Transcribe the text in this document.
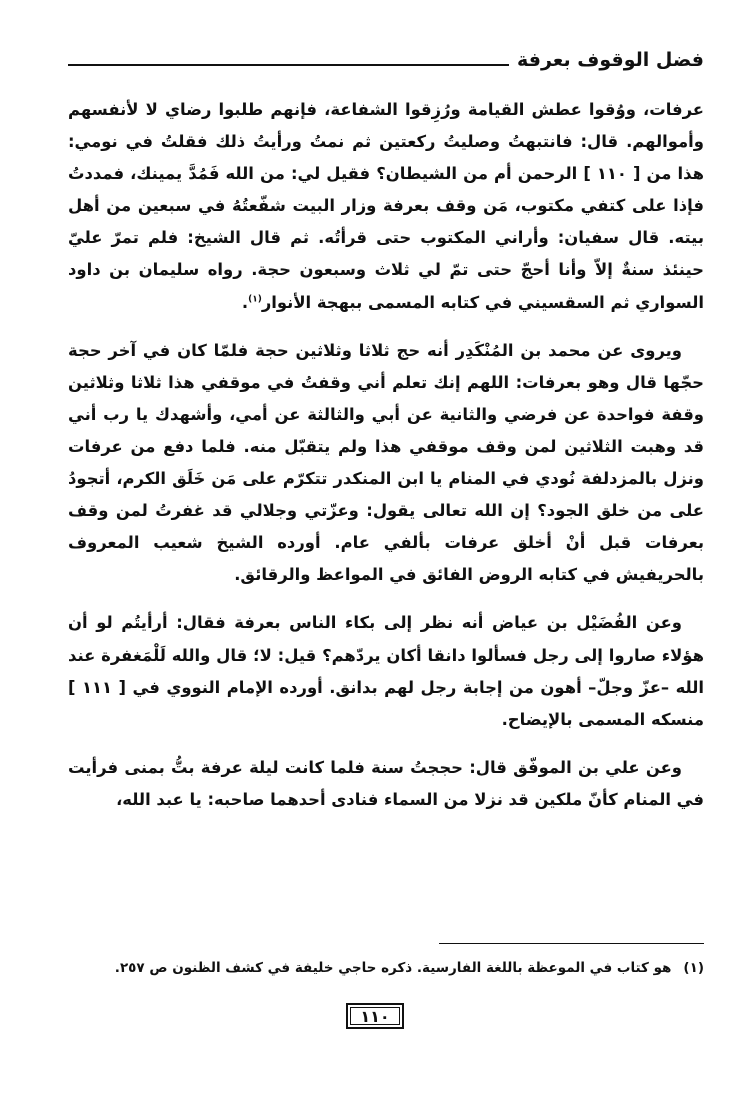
فضل الوقوف بعرفة

عرفات، ووُقوا عطش القيامة ورُزِقوا الشفاعة، فإنهم طلبوا رضاي لا لأنفسهم وأموالهم. قال: فانتبهتُ وصليتُ ركعتين ثم نمتُ ورأيتُ ذلك فقلتُ في نومي: هذا من [ ١١٠ ] الرحمن أم من الشيطان؟ فقيل لي: من الله فَمُدَّ يمينك، فمددتُ فإذا على كتفي مكتوب، مَن وقف بعرفة وزار البيت شفّعتُهُ في سبعين من أهل بيته. قال سفيان: وأراني المكتوب حتى قرأتُه. ثم قال الشيخ: فلم تمرّ عليّ حينئذ سنةٌ إلاّ وأنا أحجّ حتى تمّ لي ثلاث وسبعون حجة. رواه سليمان بن داود السواري ثم السقسيني في كتابه المسمى ببهجة الأنوار$^{(١)}$.

ويروى عن محمد بن المُنْكَدِر أنه حج ثلاثا وثلاثين حجة فلمّا كان في آخر حجة حجّها قال وهو بعرفات: اللهم إنك تعلم أني وقفتُ في موقفي هذا ثلاثا وثلاثين وقفة فواحدة عن فرضي والثانية عن أبي والثالثة عن أمي، وأشهدك يا رب أني قد وهبت الثلاثين لمن وقف موقفي هذا ولم يتقبّل منه. فلما دفع من عرفات ونزل بالمزدلفة نُودي في المنام يا ابن المنكدر تتكرّم على مَن خَلَق الكرم، أتجودُ على من خلق الجود؟ إن الله تعالى يقول: وعزّتي وجلالي قد غفرتُ لمن وقف بعرفات قبل أنْ أخلق عرفات بألفي عام. أورده الشيخ شعيب المعروف بالحريفيش في كتابه الروض الفائق في المواعظ والرقائق.

وعن الفُضَيْل بن عياض أنه نظر إلى بكاء الناس بعرفة فقال: أرأيتُم لو أن هؤلاء صاروا إلى رجل فسألوا دانقا أكان يردّهم؟ قيل: لا؛ قال والله لَلْمَغفرة عند الله –عزّ وجلّ– أهون من إجابة رجل لهم بدانق. أورده الإمام النووي في [ ١١١ ] منسكه المسمى بالإيضاح.

وعن علي بن الموفّق قال: حججتُ سنة فلما كانت ليلة عرفة بتُّ بمنى فرأيت في المنام كأنّ ملكين قد نزلا من السماء فنادى أحدهما صاحبه: يا عبد الله،

(١)هو كتاب في الموعظة باللغة الفارسية. ذكره حاجي خليفة في كشف الظنون ص ٢٥٧.
١١٠
